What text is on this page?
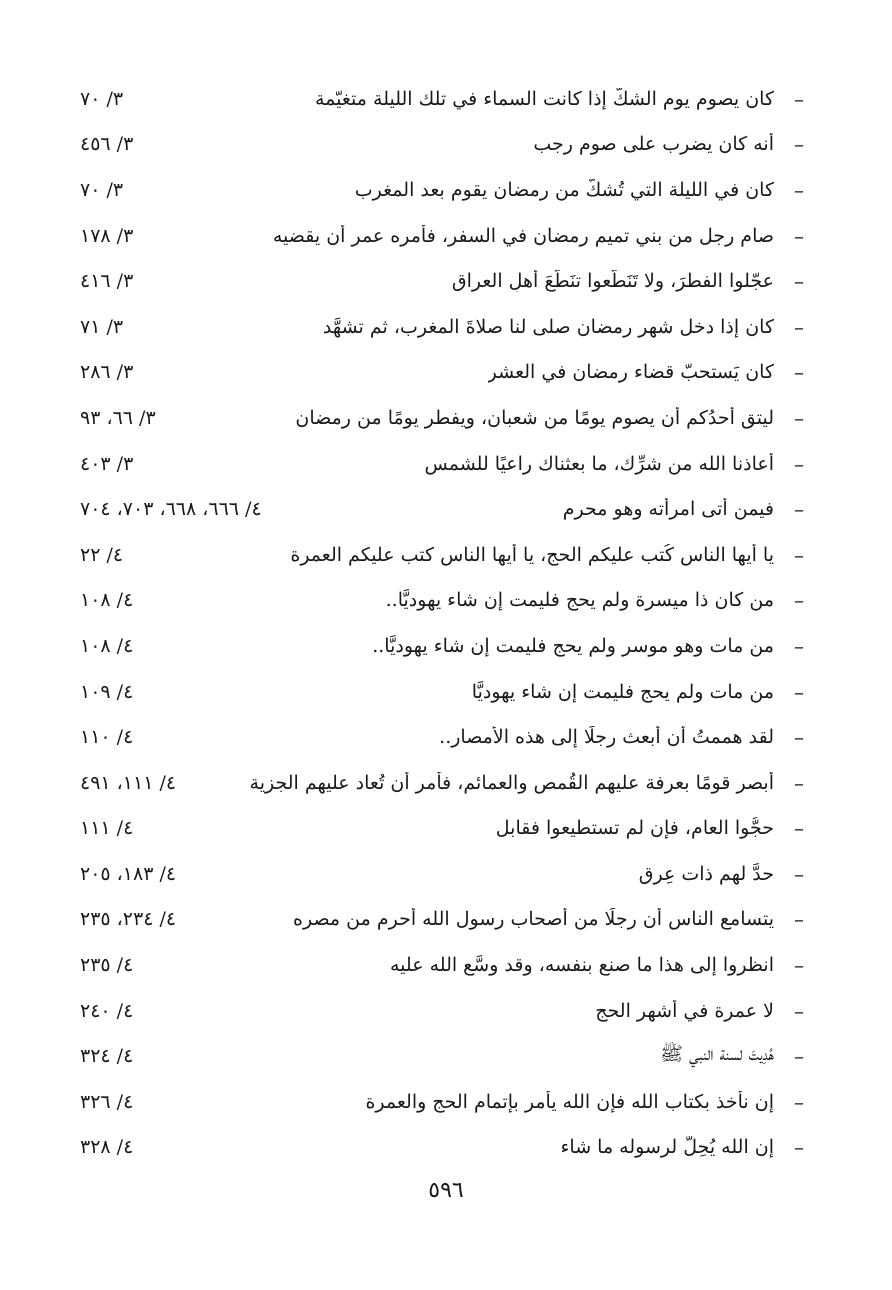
–
كان يصوم يوم الشكّ إذا كانت السماء في تلك الليلة متغيّمة
٣/ ٧٠
–
أنه كان يضرب على صوم رجب
٣/ ٤٥٦
–
كان في الليلة التي تُشكّ من رمضان يقوم بعد المغرب
٣/ ٧٠
–
صام رجل من بني تميم رمضان في السفر، فأمره عمر أن يقضيه
٣/ ١٧٨
–
عجّلوا الفطرَ، ولا تَنَطّعوا تنَطُّعَ أهلِ العراق
٣/ ٤١٦
–
كان إذا دخل شهر رمضان صلى لنا صلاةَ المغرب، ثم تشهَّد
٣/ ٧١
–
كان يَستحبّ قضاء رمضان في العشر
٣/ ٢٨٦
–
ليتقِ أحدُكم أن يصوم يومًا من شعبان، ويفطر يومًا من رمضان
٣/ ٦٦، ٩٣
–
أعاذنا الله من شرِّك، ما بعثناك راعيًا للشمس
٣/ ٤٠٣
–
فيمن أتى امرأته وهو محرم
٤/ ٦٦٦، ٦٦٨، ٧٠٣، ٧٠٤
–
يا أيها الناس كُتب عليكم الحج، يا أيها الناس كتب عليكم العمرة
٤/ ٢٢
–
من كان ذا ميسرة ولم يحج فليمت إن شاء يهوديًّا..
٤/ ١٠٨
–
من مات وهو موسر ولم يحج فليمت إن شاء يهوديًّا..
٤/ ١٠٨
–
من مات ولم يحج فليمت إن شاء يهوديًّا
٤/ ١٠٩
–
لقد هممتُ أن أبعث رجلًا إلى هذه الأمصار..
٤/ ١١٠
–
أبصر قومًا بعرفة عليهم القُمص والعمائم، فأمر أن تُعاد عليهم الجزية
٤/ ١١١، ٤٩١
–
حجُّوا العام، فإن لم تستطيعوا فقابل
٤/ ١١١
–
حدَّ لهم ذات عِرق
٤/ ١٨٣، ٢٠٥
–
يتسامع الناس أن رجلًا من أصحاب رسول الله أحرم من مصره
٤/ ٢٣٤، ٢٣٥
–
انظروا إلى هذا ما صنع بنفسه، وقد وسَّع الله عليه
٤/ ٢٣٥
–
لا عمرة في أشهر الحج
٤/ ٢٤٠
–
هُدِيتَ لسنة النبي ﷺ
٤/ ٣٢٤
–
إن نأخذ بكتاب الله فإن الله يأمر بإتمام الحج والعمرة
٤/ ٣٢٦
–
إن الله يُحِلُّ لرسوله ما شاء
٤/ ٣٢٨
٥٩٦
